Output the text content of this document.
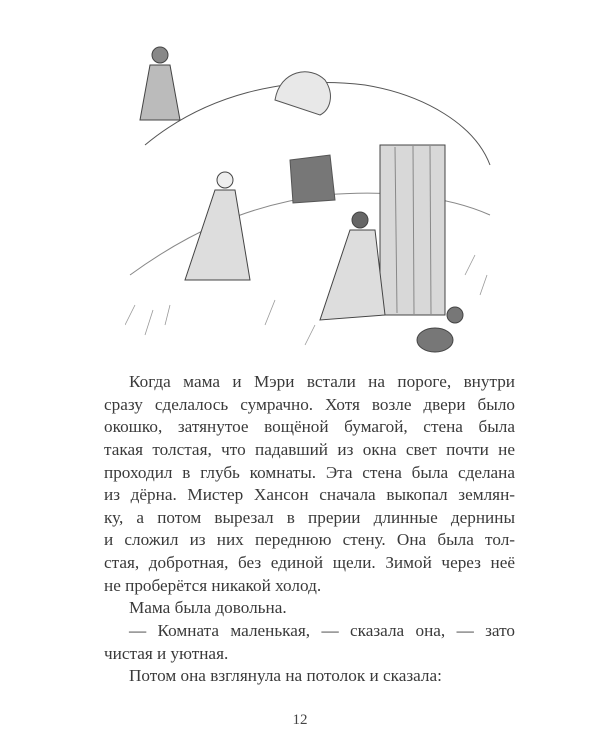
Когда мама и Мэри встали на пороге, внутри
сразу сделалось сумрачно. Хотя возле двери было
окошко, затянутое вощёной бумагой, стена была
такая толстая, что падавший из окна свет почти не
проходил в глубь комнаты. Эта стена была сделана
из дёрна. Мистер Хансон сначала выкопал землян-
ку, а потом вырезал в прерии длинные дернины
и сложил из них переднюю стену. Она была тол-
стая, добротная, без единой щели. Зимой через неё
не проберётся никакой холод.
Мама была довольна.
— Комната маленькая, — сказала она, — зато
чистая и уютная.
Потом она взглянула на потолок и сказала:
12
